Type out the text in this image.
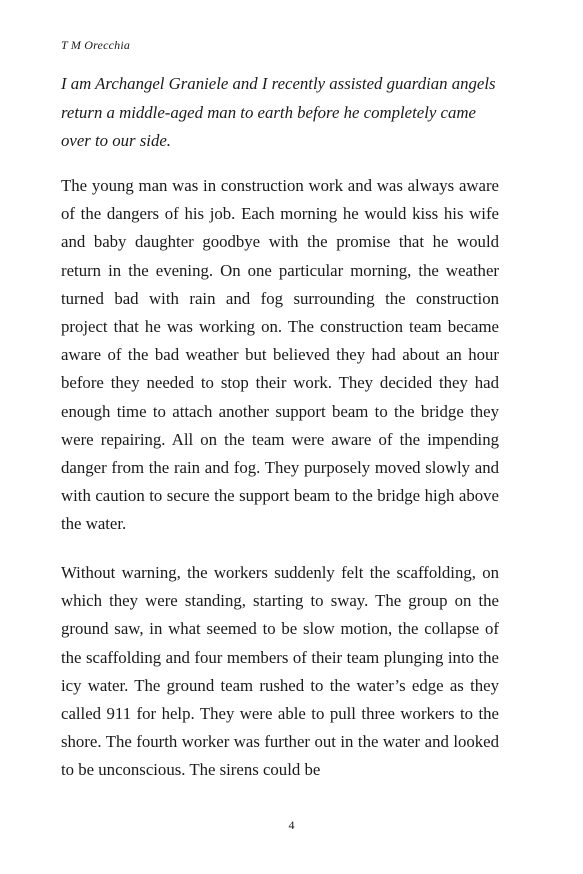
T M Orecchia

I am Archangel Graniele and I recently assisted guardian angels return a middle-aged man to earth before he completely came over to our side.

The young man was in construction work and was always aware of the dangers of his job. Each morning he would kiss his wife and baby daughter goodbye with the promise that he would return in the evening. On one particular morning, the weather turned bad with rain and fog surrounding the construction project that he was working on. The construction team became aware of the bad weather but believed they had about an hour before they needed to stop their work. They decided they had enough time to attach another support beam to the bridge they were repairing. All on the team were aware of the impending danger from the rain and fog. They purposely moved slowly and with caution to secure the support beam to the bridge high above the water.

Without warning, the workers suddenly felt the scaffolding, on which they were standing, starting to sway. The group on the ground saw, in what seemed to be slow motion, the collapse of the scaffolding and four members of their team plunging into the icy water. The ground team rushed to the water’s edge as they called 911 for help. They were able to pull three workers to the shore. The fourth worker was further out in the water and looked to be unconscious. The sirens could be

4
